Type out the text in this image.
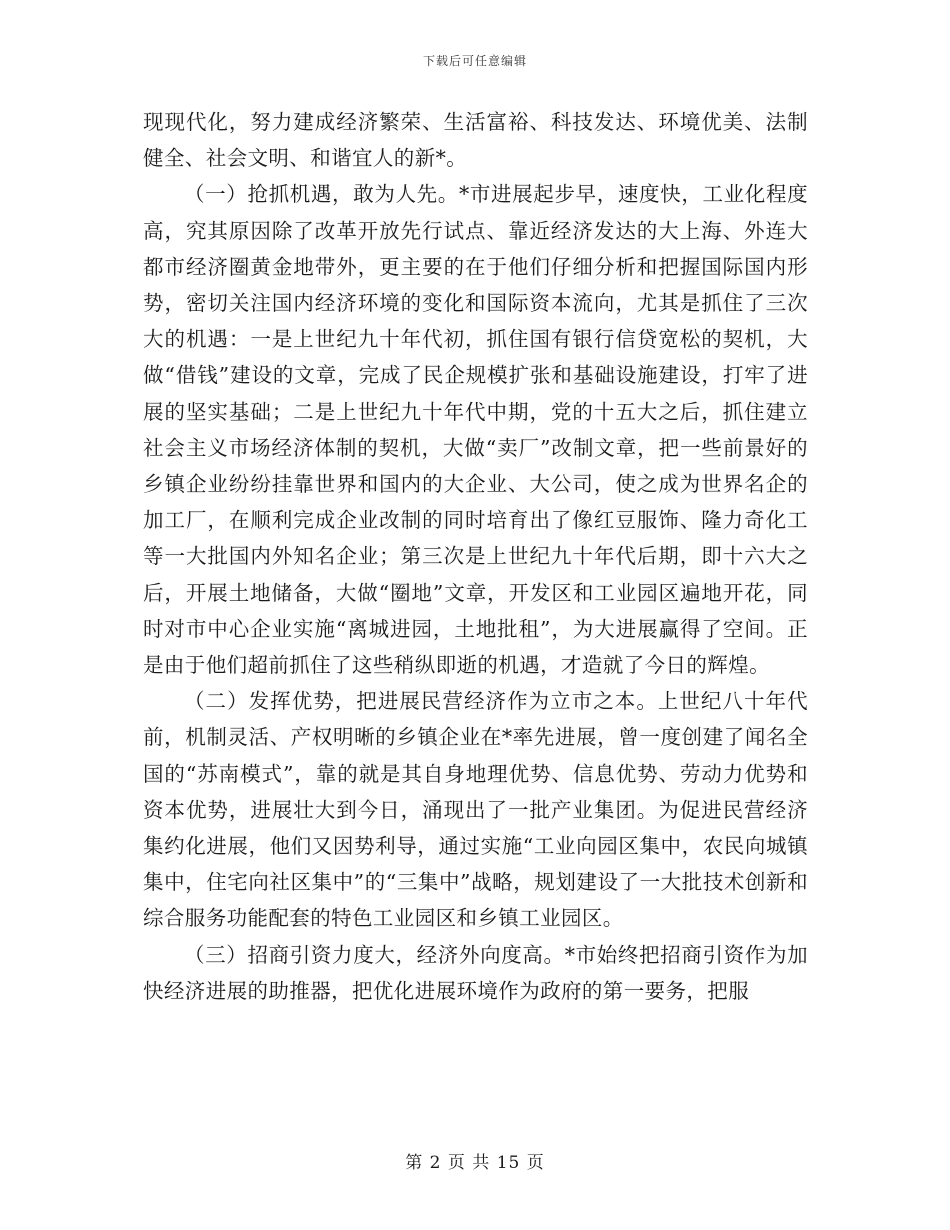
下载后可任意编辑

现现代化，努力建成经济繁荣、生活富裕、科技发达、环境优美、法制健全、社会文明、和谐宜人的新*。

（一）抢抓机遇，敢为人先。*市进展起步早，速度快，工业化程度高，究其原因除了改革开放先行试点、靠近经济发达的大上海、外连大都市经济圈黄金地带外，更主要的在于他们仔细分析和把握国际国内形势，密切关注国内经济环境的变化和国际资本流向，尤其是抓住了三次大的机遇：一是上世纪九十年代初，抓住国有银行信贷宽松的契机，大做“借钱”建设的文章，完成了民企规模扩张和基础设施建设，打牢了进展的坚实基础；二是上世纪九十年代中期，党的十五大之后，抓住建立社会主义市场经济体制的契机，大做“卖厂”改制文章，把一些前景好的乡镇企业纷纷挂靠世界和国内的大企业、大公司，使之成为世界名企的加工厂，在顺利完成企业改制的同时培育出了像红豆服饰、隆力奇化工等一大批国内外知名企业；第三次是上世纪九十年代后期，即十六大之后，开展土地储备，大做“圈地”文章，开发区和工业园区遍地开花，同时对市中心企业实施“离城进园，土地批租”，为大进展赢得了空间。正是由于他们超前抓住了这些稍纵即逝的机遇，才造就了今日的辉煌。

（二）发挥优势，把进展民营经济作为立市之本。上世纪八十年代前，机制灵活、产权明晰的乡镇企业在*率先进展，曾一度创建了闻名全国的“苏南模式”，靠的就是其自身地理优势、信息优势、劳动力优势和资本优势，进展壮大到今日，涌现出了一批产业集团。为促进民营经济集约化进展，他们又因势利导，通过实施“工业向园区集中，农民向城镇集中，住宅向社区集中”的“三集中”战略，规划建设了一大批技术创新和综合服务功能配套的特色工业园区和乡镇工业园区。

（三）招商引资力度大，经济外向度高。*市始终把招商引资作为加快经济进展的助推器，把优化进展环境作为政府的第一要务，把服

第 2 页 共 15 页
